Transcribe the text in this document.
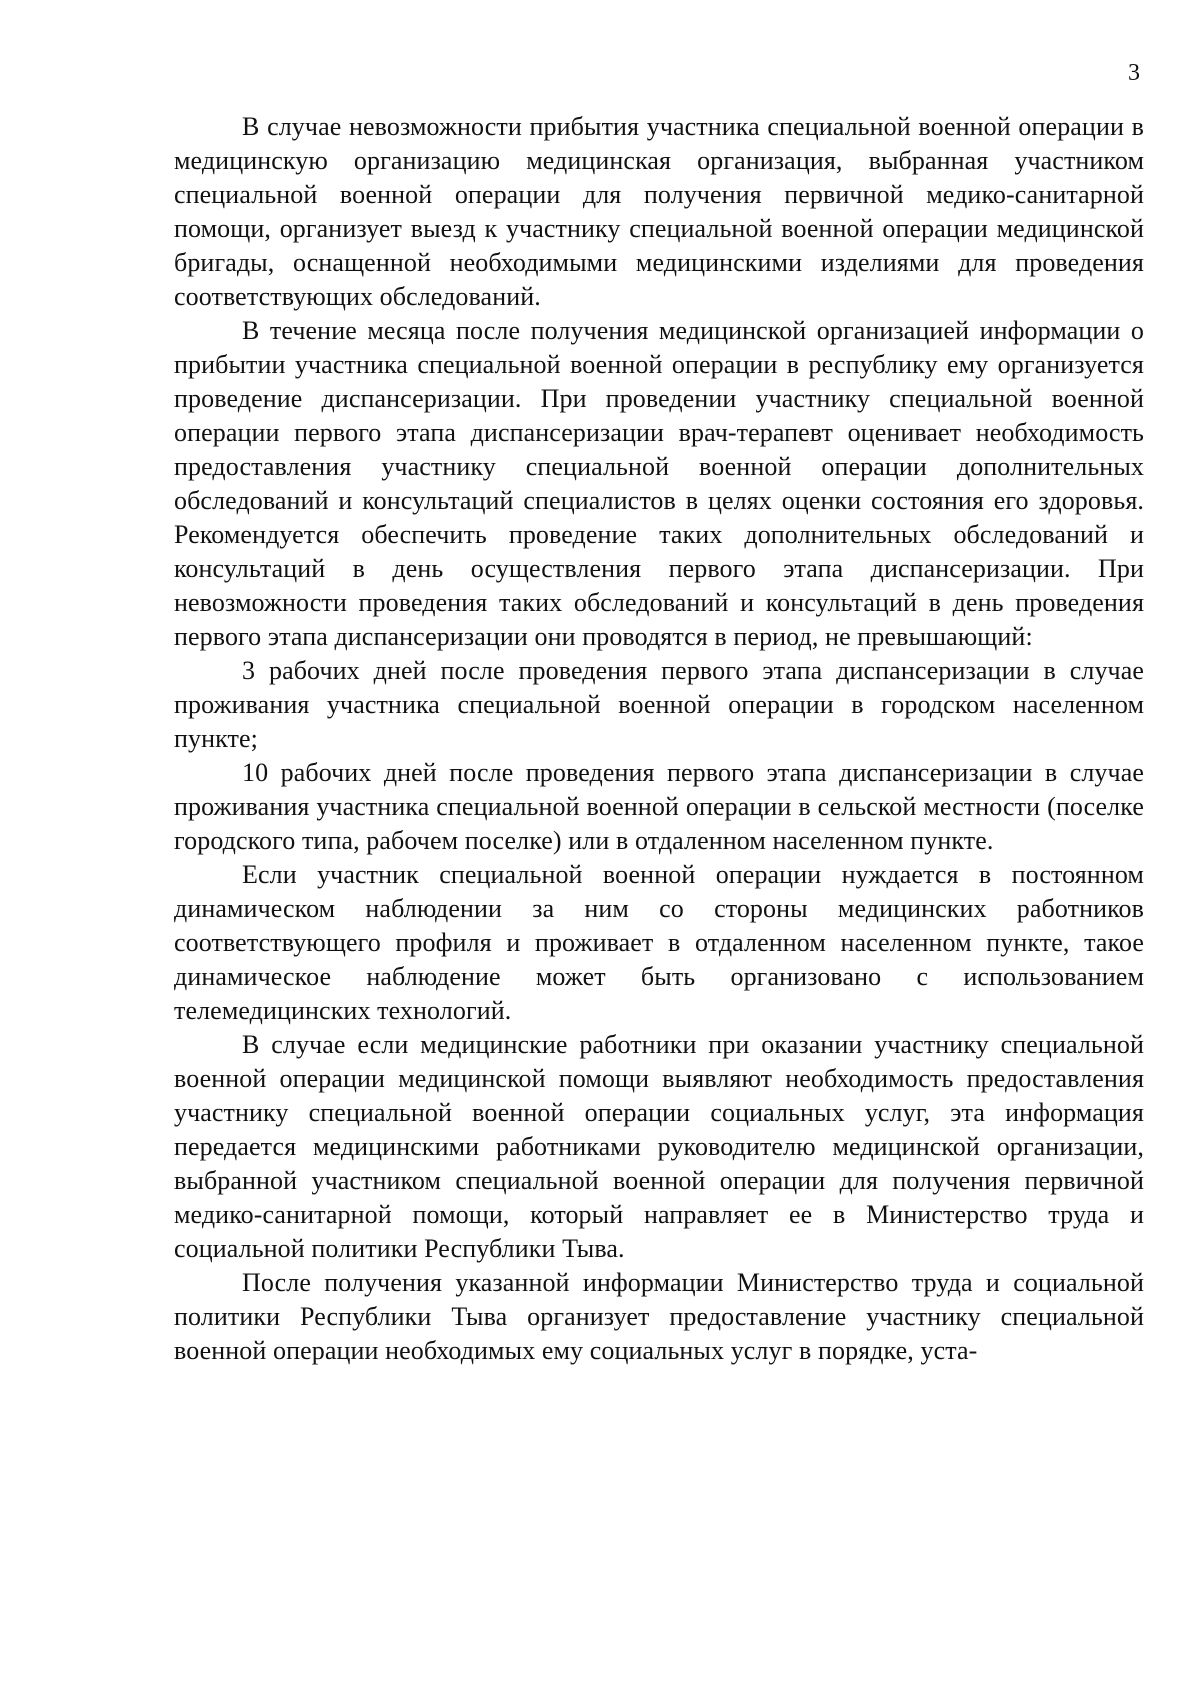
3

В случае невозможности прибытия участника специальной военной операции в медицинскую организацию медицинская организация, выбранная участником специальной военной операции для получения первичной медико-санитарной помощи, организует выезд к участнику специальной военной операции медицинской бригады, оснащенной необходимыми медицинскими изделиями для проведения соответствующих обследований.

В течение месяца после получения медицинской организацией информации о прибытии участника специальной военной операции в республику ему организуется проведение диспансеризации. При проведении участнику специальной военной операции первого этапа диспансеризации врач-терапевт оценивает необходимость предоставления участнику специальной военной операции дополнительных обследований и консультаций специалистов в целях оценки состояния его здоровья. Рекомендуется обеспечить проведение таких дополнительных обследований и консультаций в день осуществления первого этапа диспансеризации. При невозможности проведения таких обследований и консультаций в день проведения первого этапа диспансеризации они проводятся в период, не превышающий:

3 рабочих дней после проведения первого этапа диспансеризации в случае проживания участника специальной военной операции в городском населенном пункте;

10 рабочих дней после проведения первого этапа диспансеризации в случае проживания участника специальной военной операции в сельской местности (поселке городского типа, рабочем поселке) или в отдаленном населенном пункте.

Если участник специальной военной операции нуждается в постоянном динамическом наблюдении за ним со стороны медицинских работников соответствующего профиля и проживает в отдаленном населенном пункте, такое динамическое наблюдение может быть организовано с использованием телемедицинских технологий.

В случае если медицинские работники при оказании участнику специальной военной операции медицинской помощи выявляют необходимость предоставления участнику специальной военной операции социальных услуг, эта информация передается медицинскими работниками руководителю медицинской организации, выбранной участником специальной военной операции для получения первичной медико-санитарной помощи, который направляет ее в Министерство труда и социальной политики Республики Тыва.

После получения указанной информации Министерство труда и социальной политики Республики Тыва организует предоставление участнику специальной военной операции необходимых ему социальных услуг в порядке, уста-
